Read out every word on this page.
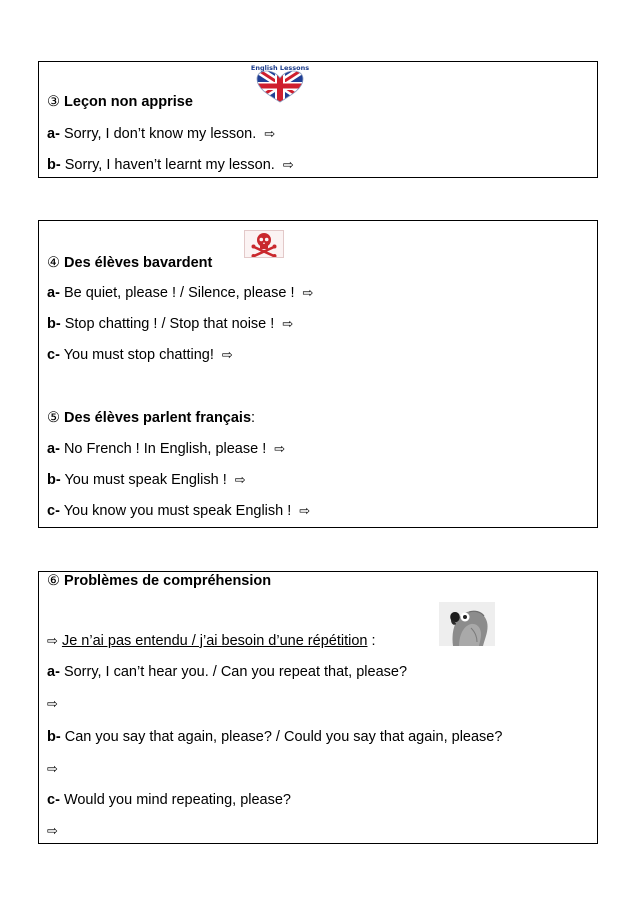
English Lessons
③ Leçon non apprise
a- Sorry, I don’t know my lesson. ⇨
b- Sorry, I haven’t learnt my lesson. ⇨
④ Des élèves bavardent
a- Be quiet, please ! / Silence, please ! ⇨
b- Stop chatting ! / Stop that noise ! ⇨
c- You must stop chatting! ⇨
⑤ Des élèves parlent français:
a- No French ! In English, please ! ⇨
b- You must speak English ! ⇨
c- You know you must speak English ! ⇨
⑥ Problèmes de compréhension
⇨ Je n’ai pas entendu / j’ai besoin d’une répétition :
a- Sorry, I can’t hear you. / Can you repeat that, please?
⇨
b- Can you say that again, please? / Could you say that again, please?
⇨
c- Would you mind repeating, please?
⇨
